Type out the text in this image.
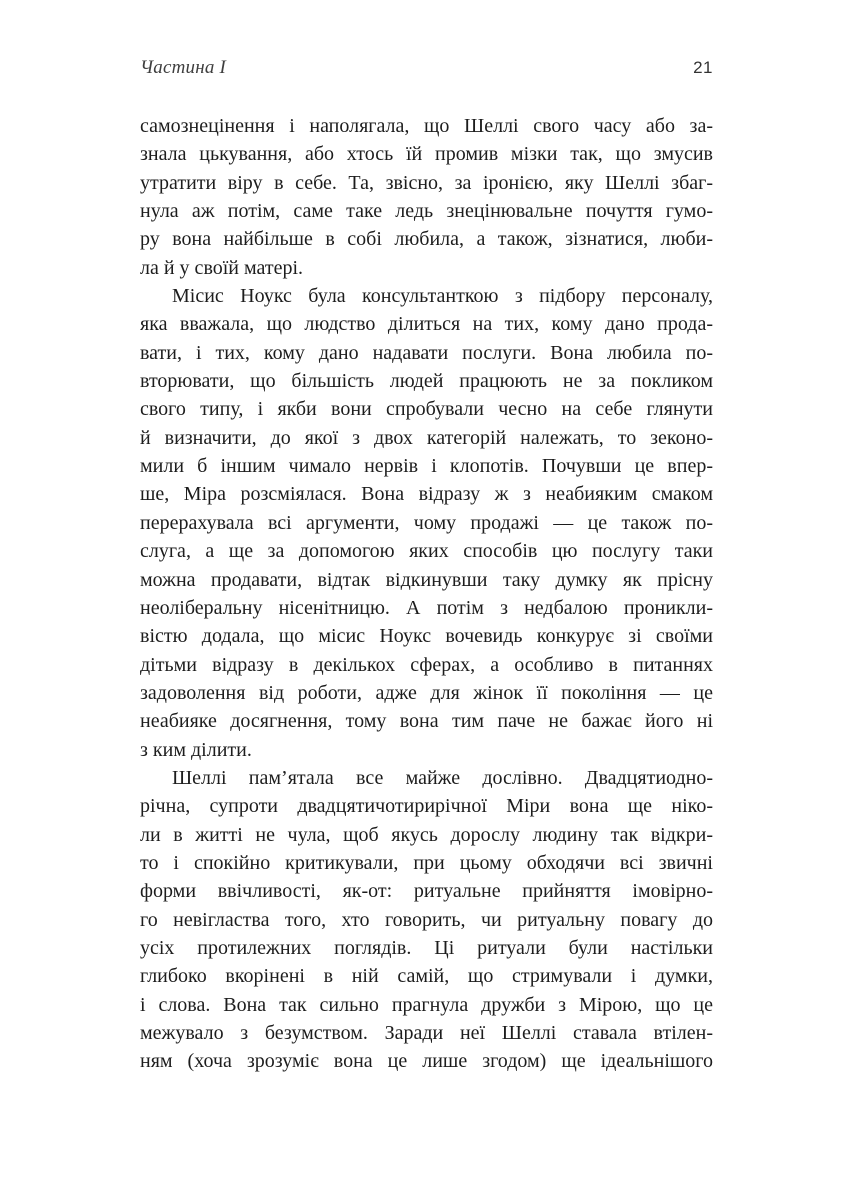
Частина I	21
самознецінення і наполягала, що Шеллі свого часу або за-
знала цькування, або хтось їй промив мізки так, що змусив
утратити віру в себе. Та, звісно, за іронією, яку Шеллі збаг-
нула аж потім, саме таке ледь знецінювальне почуття гумо-
ру вона найбільше в собі любила, а також, зізнатися, люби-
ла й у своїй матері.
Місис Ноукс була консультанткою з підбору персоналу,
яка вважала, що людство ділиться на тих, кому дано прода-
вати, і тих, кому дано надавати послуги. Вона любила по-
вторювати, що більшість людей працюють не за покликом
свого типу, і якби вони спробували чесно на себе глянути
й визначити, до якої з двох категорій належать, то зеконо-
мили б іншим чимало нервів і клопотів. Почувши це впер-
ше, Міра розсміялася. Вона відразу ж з неабияким смаком
перерахувала всі аргументи, чому продажі — це також по-
слуга, а ще за допомогою яких способів цю послугу таки
можна продавати, відтак відкинувши таку думку як прісну
неоліберальну нісенітницю. А потім з недбалою проникли-
вістю додала, що місис Ноукс вочевидь конкурує зі своїми
дітьми відразу в декількох сферах, а особливо в питаннях
задоволення від роботи, адже для жінок її покоління — це
неабияке досягнення, тому вона тим паче не бажає його ні
з ким ділити.
Шеллі пам’ятала все майже дослівно. Двадцятиодно-
річна, супроти двадцятичотирирічної Міри вона ще ніко-
ли в житті не чула, щоб якусь дорослу людину так відкри-
то і спокійно критикували, при цьому обходячи всі звичні
форми ввічливості, як-от: ритуальне прийняття імовірно-
го невігластва того, хто говорить, чи ритуальну повагу до
усіх протилежних поглядів. Ці ритуали були настільки
глибоко вкорінені в ній самій, що стримували і думки,
і слова. Вона так сильно прагнула дружби з Мірою, що це
межувало з безумством. Заради неї Шеллі ставала втілен-
ням (хоча зрозуміє вона це лише згодом) ще ідеальнішого
